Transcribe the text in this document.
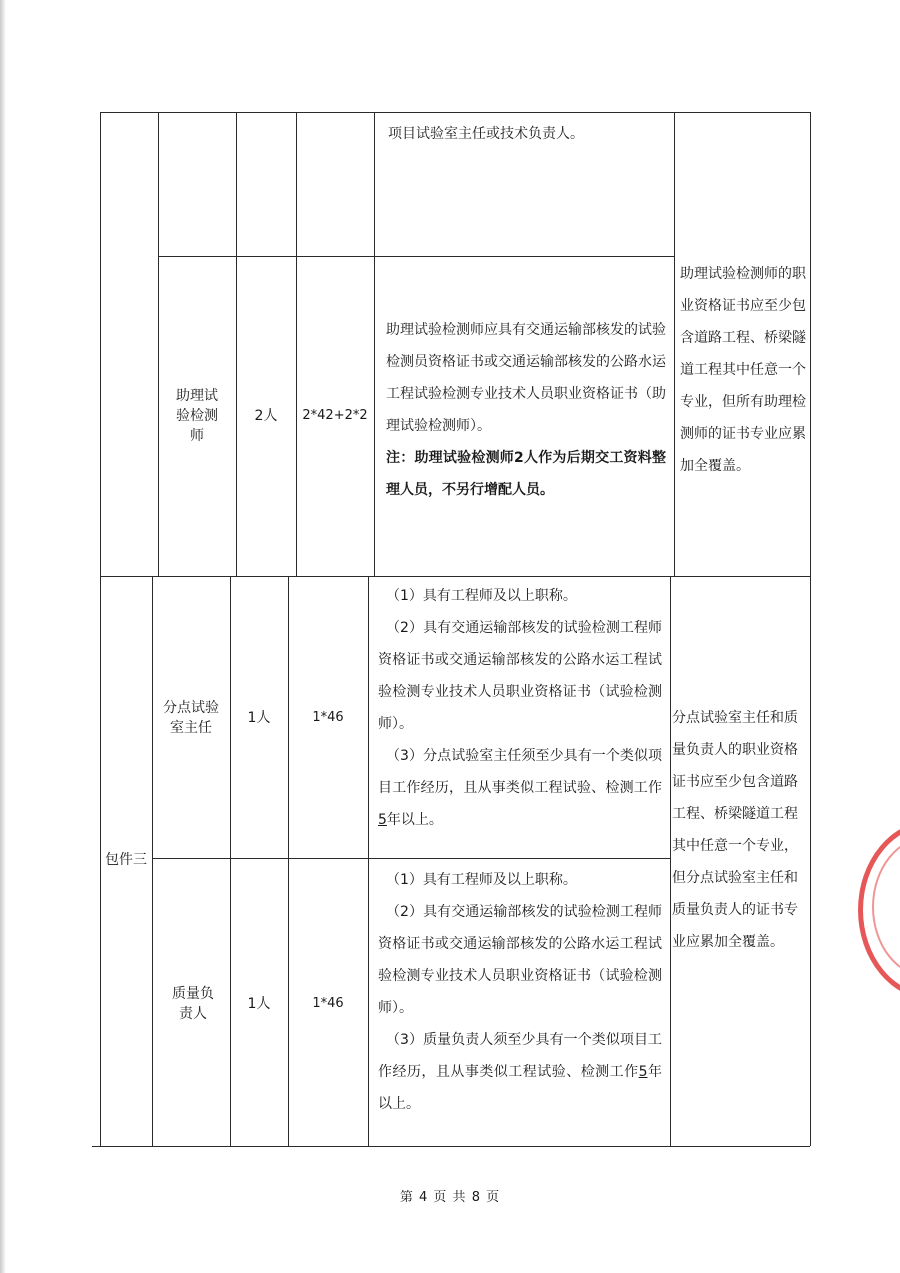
项目试验室主任或技术负责人。

助理试验检测师
2人 2*42+2*2

助理试验检测师应具有交通运输部核发的试验检测员资格证书或交通运输部核发的公路水运工程试验检测专业技术人员职业资格证书（助理试验检测师）。

注：助理试验检测师2人作为后期交工资料整理人员，不另行增配人员。

助理试验检测师的职业资格证书应至少包含道路工程、桥梁隧道工程其中任意一个专业，但所有助理检测师的证书专业应累加全覆盖。
包件三
分点试验室主任
1人	1*46

（1）具有工程师及以上职称。

（2）具有交通运输部核发的试验检测工程师资格证书或交通运输部核发的公路水运工程试验检测专业技术人员职业资格证书（试验检测师）。

（3）分点试验室主任须至少具有一个类似项目工作经历，且从事类似工程试验、检测工作5年以上。

质量负责人
1人	1*46

（1）具有工程师及以上职称。

（2）具有交通运输部核发的试验检测工程师资格证书或交通运输部核发的公路水运工程试验检测专业技术人员职业资格证书（试验检测师）。

（3）质量负责人须至少具有一个类似项目工作经历，且从事类似工程试验、检测工作5年以上。

分点试验室主任和质量负责人的职业资格证书应至少包含道路工程、桥梁隧道工程其中任意一个专业，但分点试验室主任和质量负责人的证书专业应累加全覆盖。
第 4 页 共 8 页
